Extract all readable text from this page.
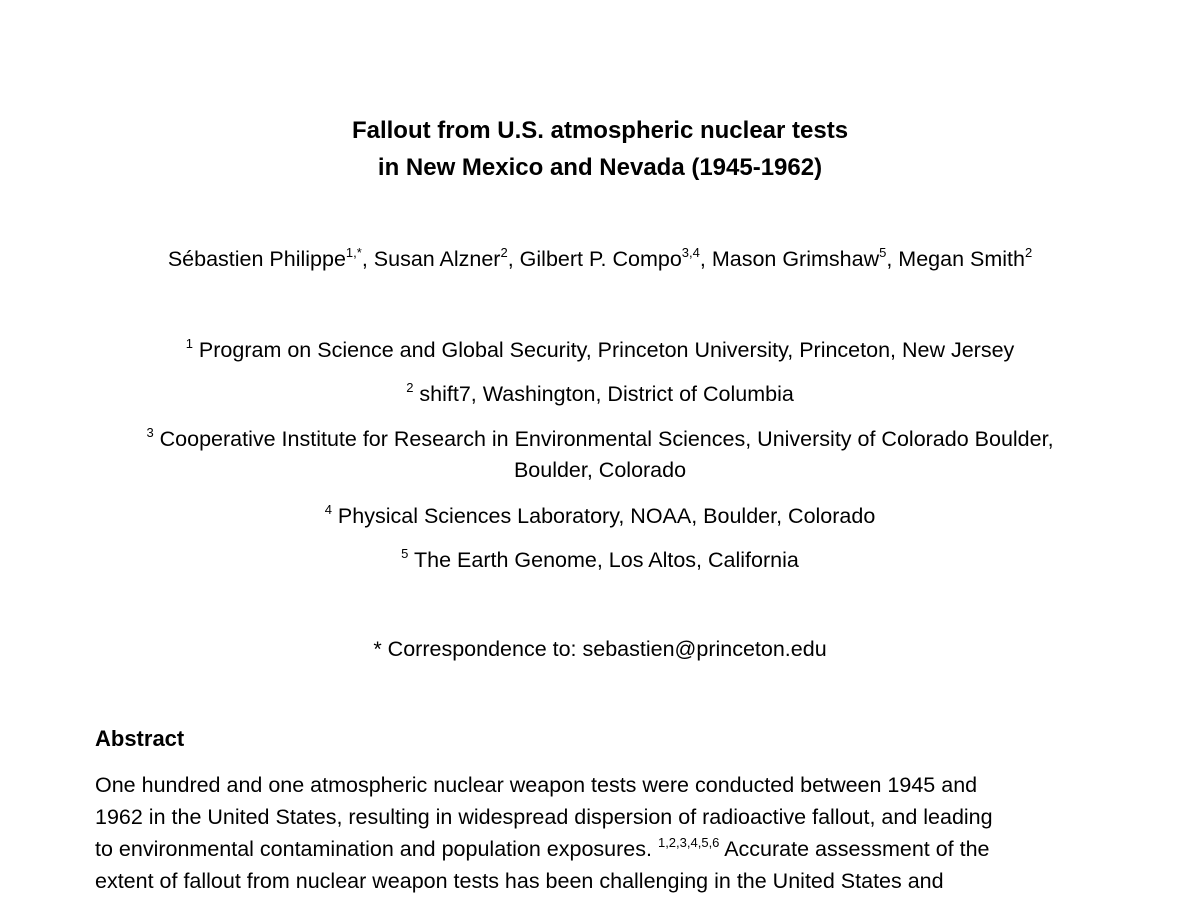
Fallout from U.S. atmospheric nuclear tests
in New Mexico and Nevada (1945-1962)
Sébastien Philippe$^{1,*}$, Susan Alzner$^2$, Gilbert P. Compo$^{3,4}$, Mason Grimshaw$^5$, Megan Smith$^2$
$^1$ Program on Science and Global Security, Princeton University, Princeton, New Jersey
$^2$ shift7, Washington, District of Columbia
$^3$ Cooperative Institute for Research in Environmental Sciences, University of Colorado Boulder,
Boulder, Colorado
$^4$ Physical Sciences Laboratory, NOAA, Boulder, Colorado
$^5$ The Earth Genome, Los Altos, California
* Correspondence to: sebastien@princeton.edu
Abstract
One hundred and one atmospheric nuclear weapon tests were conducted between 1945 and
1962 in the United States, resulting in widespread dispersion of radioactive fallout, and leading
to environmental contamination and population exposures. $^{1,2,3,4,5,6}$ Accurate assessment of the
extent of fallout from nuclear weapon tests has been challenging in the United States and
